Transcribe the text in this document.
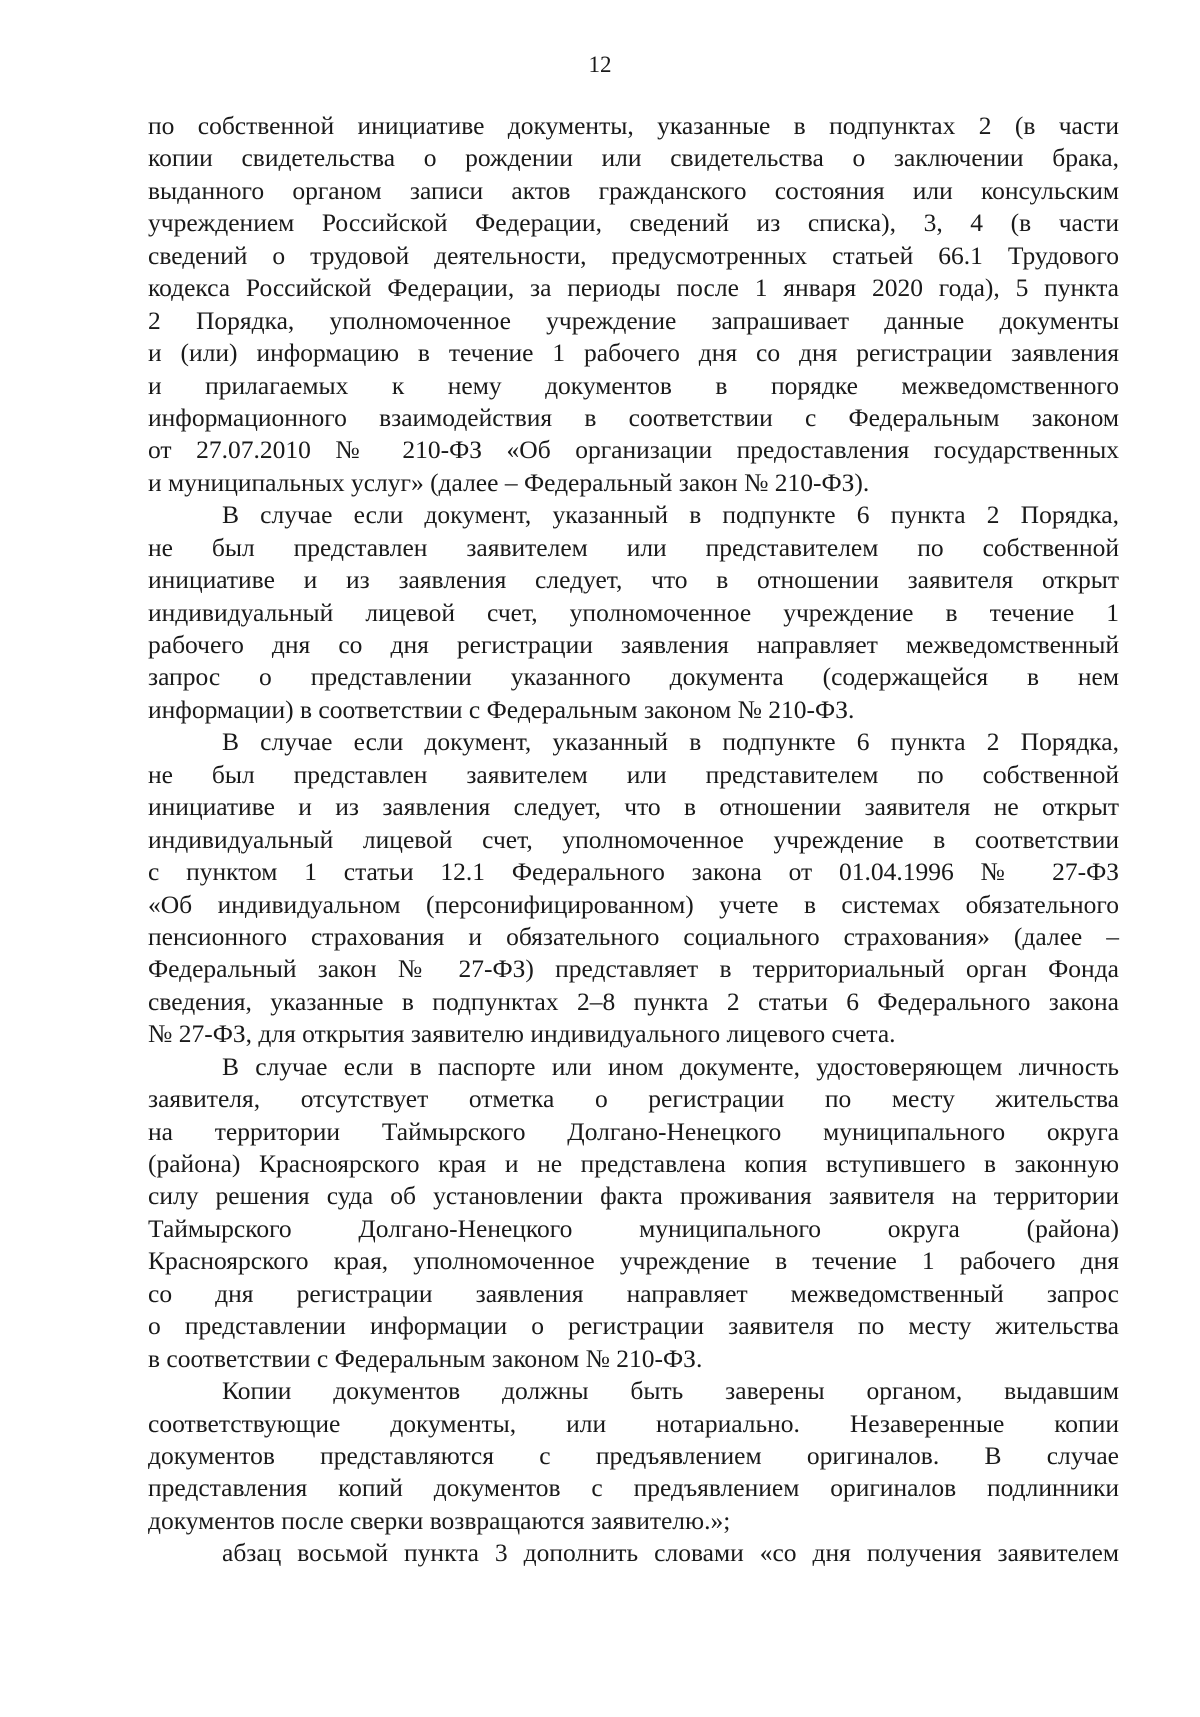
12
по собственной инициативе документы, указанные в подпунктах 2 (в части
копии свидетельства о рождении или свидетельства о заключении брака,
выданного органом записи актов гражданского состояния или консульским
учреждением Российской Федерации, сведений из списка), 3, 4 (в части
сведений о трудовой деятельности, предусмотренных статьей 66.1 Трудового
кодекса Российской Федерации, за периоды после 1 января 2020 года), 5 пункта
2 Порядка, уполномоченное учреждение запрашивает данные документы
и (или) информацию в течение 1 рабочего дня со дня регистрации заявления
и прилагаемых к нему документов в порядке межведомственного
информационного взаимодействия в соответствии с Федеральным законом
от 27.07.2010 № 210-ФЗ «Об организации предоставления государственных
и муниципальных услуг» (далее – Федеральный закон № 210-ФЗ).
В случае если документ, указанный в подпункте 6 пункта 2 Порядка,
не был представлен заявителем или представителем по собственной
инициативе и из заявления следует, что в отношении заявителя открыт
индивидуальный лицевой счет, уполномоченное учреждение в течение 1
рабочего дня со дня регистрации заявления направляет межведомственный
запрос о представлении указанного документа (содержащейся в нем
информации) в соответствии с Федеральным законом № 210-ФЗ.
В случае если документ, указанный в подпункте 6 пункта 2 Порядка,
не был представлен заявителем или представителем по собственной
инициативе и из заявления следует, что в отношении заявителя не открыт
индивидуальный лицевой счет, уполномоченное учреждение в соответствии
с пунктом 1 статьи 12.1 Федерального закона от 01.04.1996 № 27-ФЗ
«Об индивидуальном (персонифицированном) учете в системах обязательного
пенсионного страхования и обязательного социального страхования» (далее –
Федеральный закон № 27-ФЗ) представляет в территориальный орган Фонда
сведения, указанные в подпунктах 2–8 пункта 2 статьи 6 Федерального закона
№ 27-ФЗ, для открытия заявителю индивидуального лицевого счета.
В случае если в паспорте или ином документе, удостоверяющем личность
заявителя, отсутствует отметка о регистрации по месту жительства
на территории Таймырского Долгано-Ненецкого муниципального округа
(района) Красноярского края и не представлена копия вступившего в законную
силу решения суда об установлении факта проживания заявителя на территории
Таймырского Долгано-Ненецкого муниципального округа (района)
Красноярского края, уполномоченное учреждение в течение 1 рабочего дня
со дня регистрации заявления направляет межведомственный запрос
о представлении информации о регистрации заявителя по месту жительства
в соответствии с Федеральным законом № 210-ФЗ.
Копии документов должны быть заверены органом, выдавшим
соответствующие документы, или нотариально. Незаверенные копии
документов представляются с предъявлением оригиналов. В случае
представления копий документов с предъявлением оригиналов подлинники
документов после сверки возвращаются заявителю.»;
абзац восьмой пункта 3 дополнить словами «со дня получения заявителем
